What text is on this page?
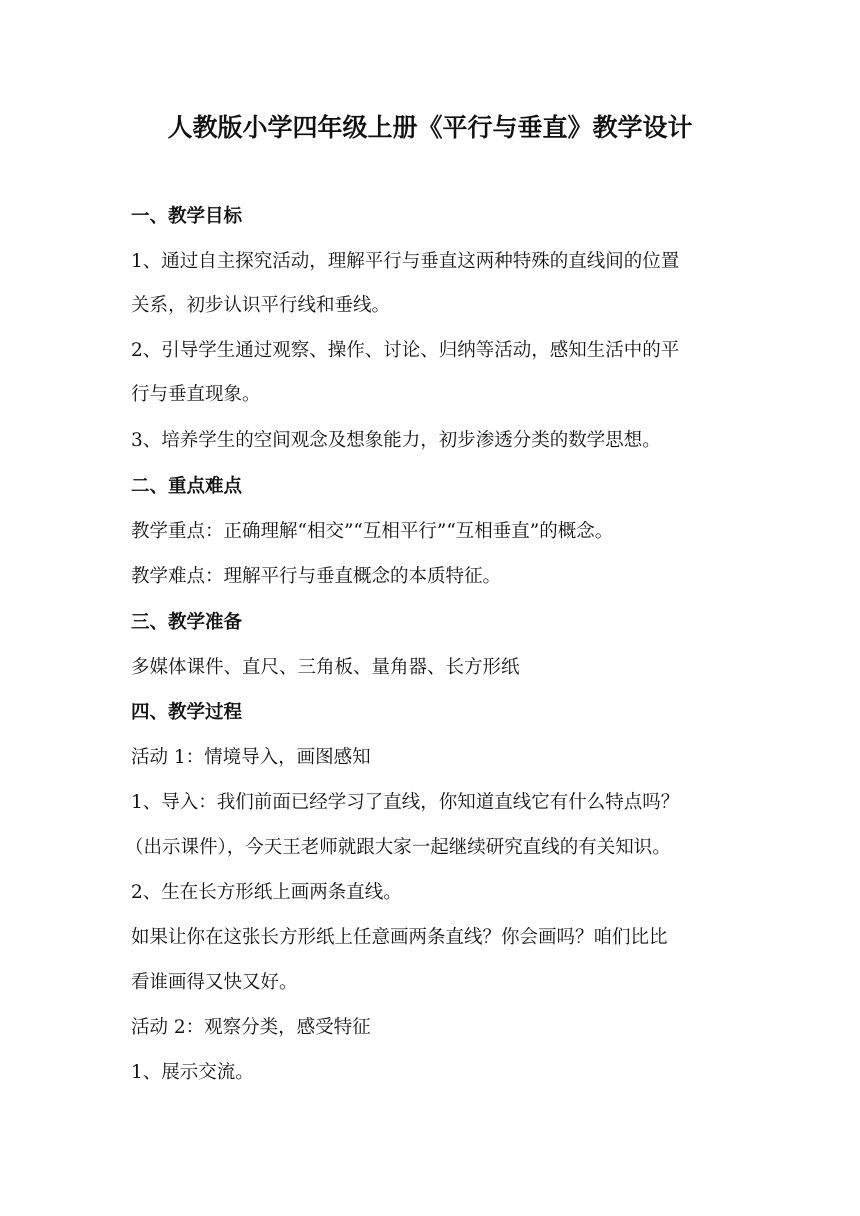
人教版小学四年级上册《平行与垂直》教学设计

一、教学目标

1、通过自主探究活动，理解平行与垂直这两种特殊的直线间的位置

关系，初步认识平行线和垂线。

2、引导学生通过观察、操作、讨论、归纳等活动，感知生活中的平

行与垂直现象。

3、培养学生的空间观念及想象能力，初步渗透分类的数学思想。

二、重点难点

教学重点：正确理解“相交”“互相平行”“互相垂直”的概念。

教学难点：理解平行与垂直概念的本质特征。

三、教学准备

多媒体课件、直尺、三角板、量角器、长方形纸

四、教学过程

活动 1：情境导入，画图感知

1、导入：我们前面已经学习了直线，你知道直线它有什么特点吗？

（出示课件），今天王老师就跟大家一起继续研究直线的有关知识。

2、生在长方形纸上画两条直线。

如果让你在这张长方形纸上任意画两条直线？你会画吗？咱们比比

看谁画得又快又好。

活动 2：观察分类，感受特征

1、展示交流。
